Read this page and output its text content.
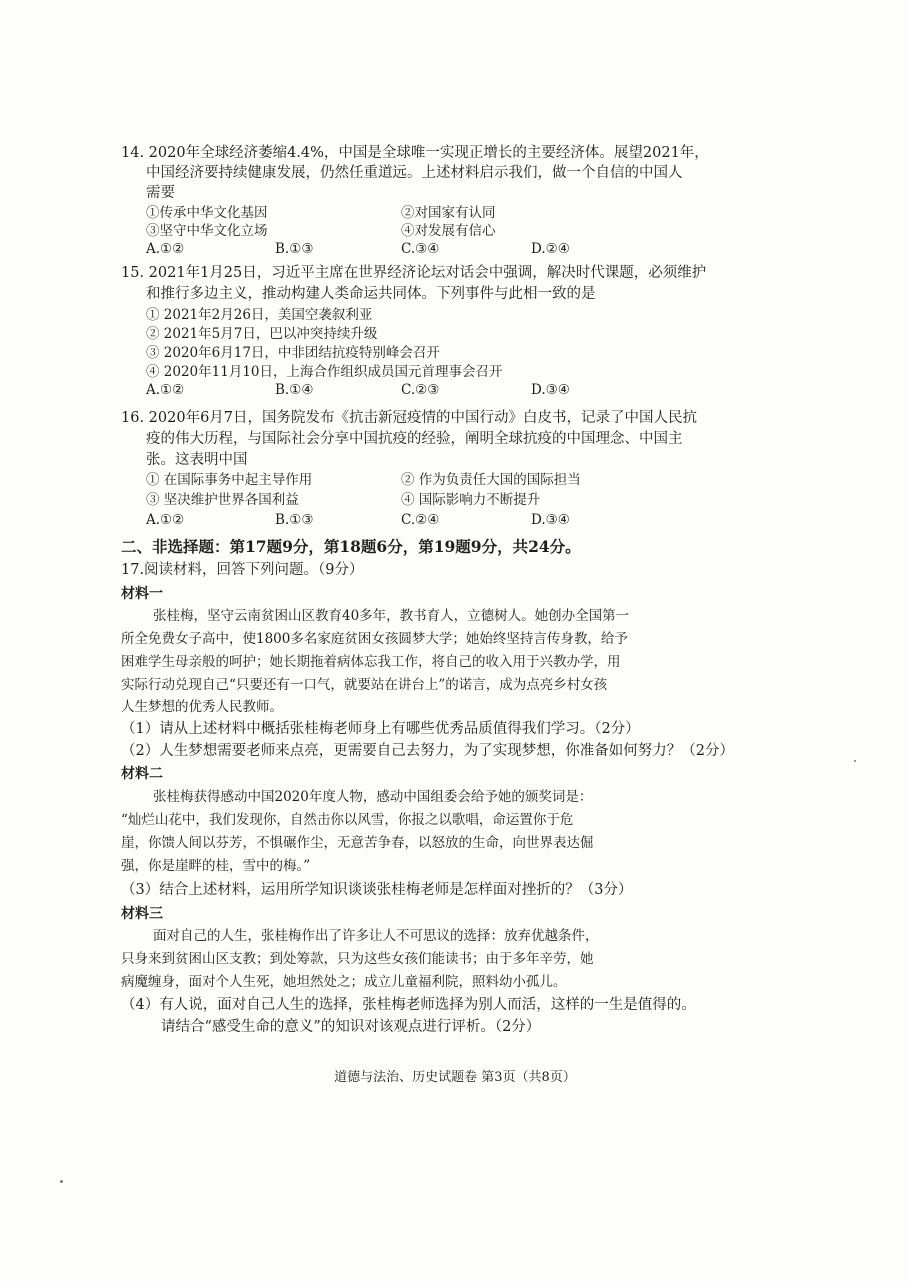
14. 2020年全球经济萎缩4.4%，中国是全球唯一实现正增长的主要经济体。展望2021年，
中国经济要持续健康发展，仍然任重道远。上述材料启示我们，做一个自信的中国人
需要
①传承中华文化基因	②对国家有认同
③坚守中华文化立场	④对发展有信心
A.①②	B.①③	C.③④	D.②④
15. 2021年1月25日，习近平主席在世界经济论坛对话会中强调，解决时代课题，必须维护
和推行多边主义，推动构建人类命运共同体。下列事件与此相一致的是
① 2021年2月26日，美国空袭叙利亚
② 2021年5月7日，巴以冲突持续升级
③ 2020年6月17日，中非团结抗疫特别峰会召开
④ 2020年11月10日，上海合作组织成员国元首理事会召开
A.①②	B.①④	C.②③	D.③④
16. 2020年6月7日，国务院发布《抗击新冠疫情的中国行动》白皮书，记录了中国人民抗
疫的伟大历程，与国际社会分享中国抗疫的经验，阐明全球抗疫的中国理念、中国主
张。这表明中国
① 在国际事务中起主导作用	② 作为负责任大国的国际担当
③ 坚决维护世界各国利益	④ 国际影响力不断提升
A.①②	B.①③	C.②④	D.③④
二、非选择题：第17题9分，第18题6分，第19题9分，共24分。
17.阅读材料，回答下列问题。（9分）
材料一
张桂梅，坚守云南贫困山区教育40多年，教书育人，立德树人。她创办全国第一
所全免费女子高中，使1800多名家庭贫困女孩圆梦大学；她始终坚持言传身教，给予
困难学生母亲般的呵护；她长期拖着病体忘我工作，将自己的收入用于兴教办学，用
实际行动兑现自己“只要还有一口气，就要站在讲台上”的诺言，成为点亮乡村女孩
人生梦想的优秀人民教师。
（1）请从上述材料中概括张桂梅老师身上有哪些优秀品质值得我们学习。（2分）
（2）人生梦想需要老师来点亮，更需要自己去努力，为了实现梦想，你准备如何努力？（2分）
材料二
张桂梅获得感动中国2020年度人物，感动中国组委会给予她的颁奖词是：
“灿烂山花中，我们发现你，自然击你以风雪，你报之以歌唱，命运置你于危
崖，你馈人间以芬芳，不惧碾作尘，无意苦争春，以怒放的生命，向世界表达倔
强，你是崖畔的桂，雪中的梅。”
（3）结合上述材料，运用所学知识谈谈张桂梅老师是怎样面对挫折的？（3分）
材料三
面对自己的人生，张桂梅作出了许多让人不可思议的选择：放弃优越条件，
只身来到贫困山区支教；到处筹款，只为这些女孩们能读书；由于多年辛劳，她
病魔缠身，面对个人生死，她坦然处之；成立儿童福利院，照料幼小孤儿。
（4）有人说，面对自己人生的选择，张桂梅老师选择为别人而活，这样的一生是值得的。
请结合“感受生命的意义”的知识对该观点进行评析。（2分）
道德与法治、历史试题卷 第3页（共8页）
